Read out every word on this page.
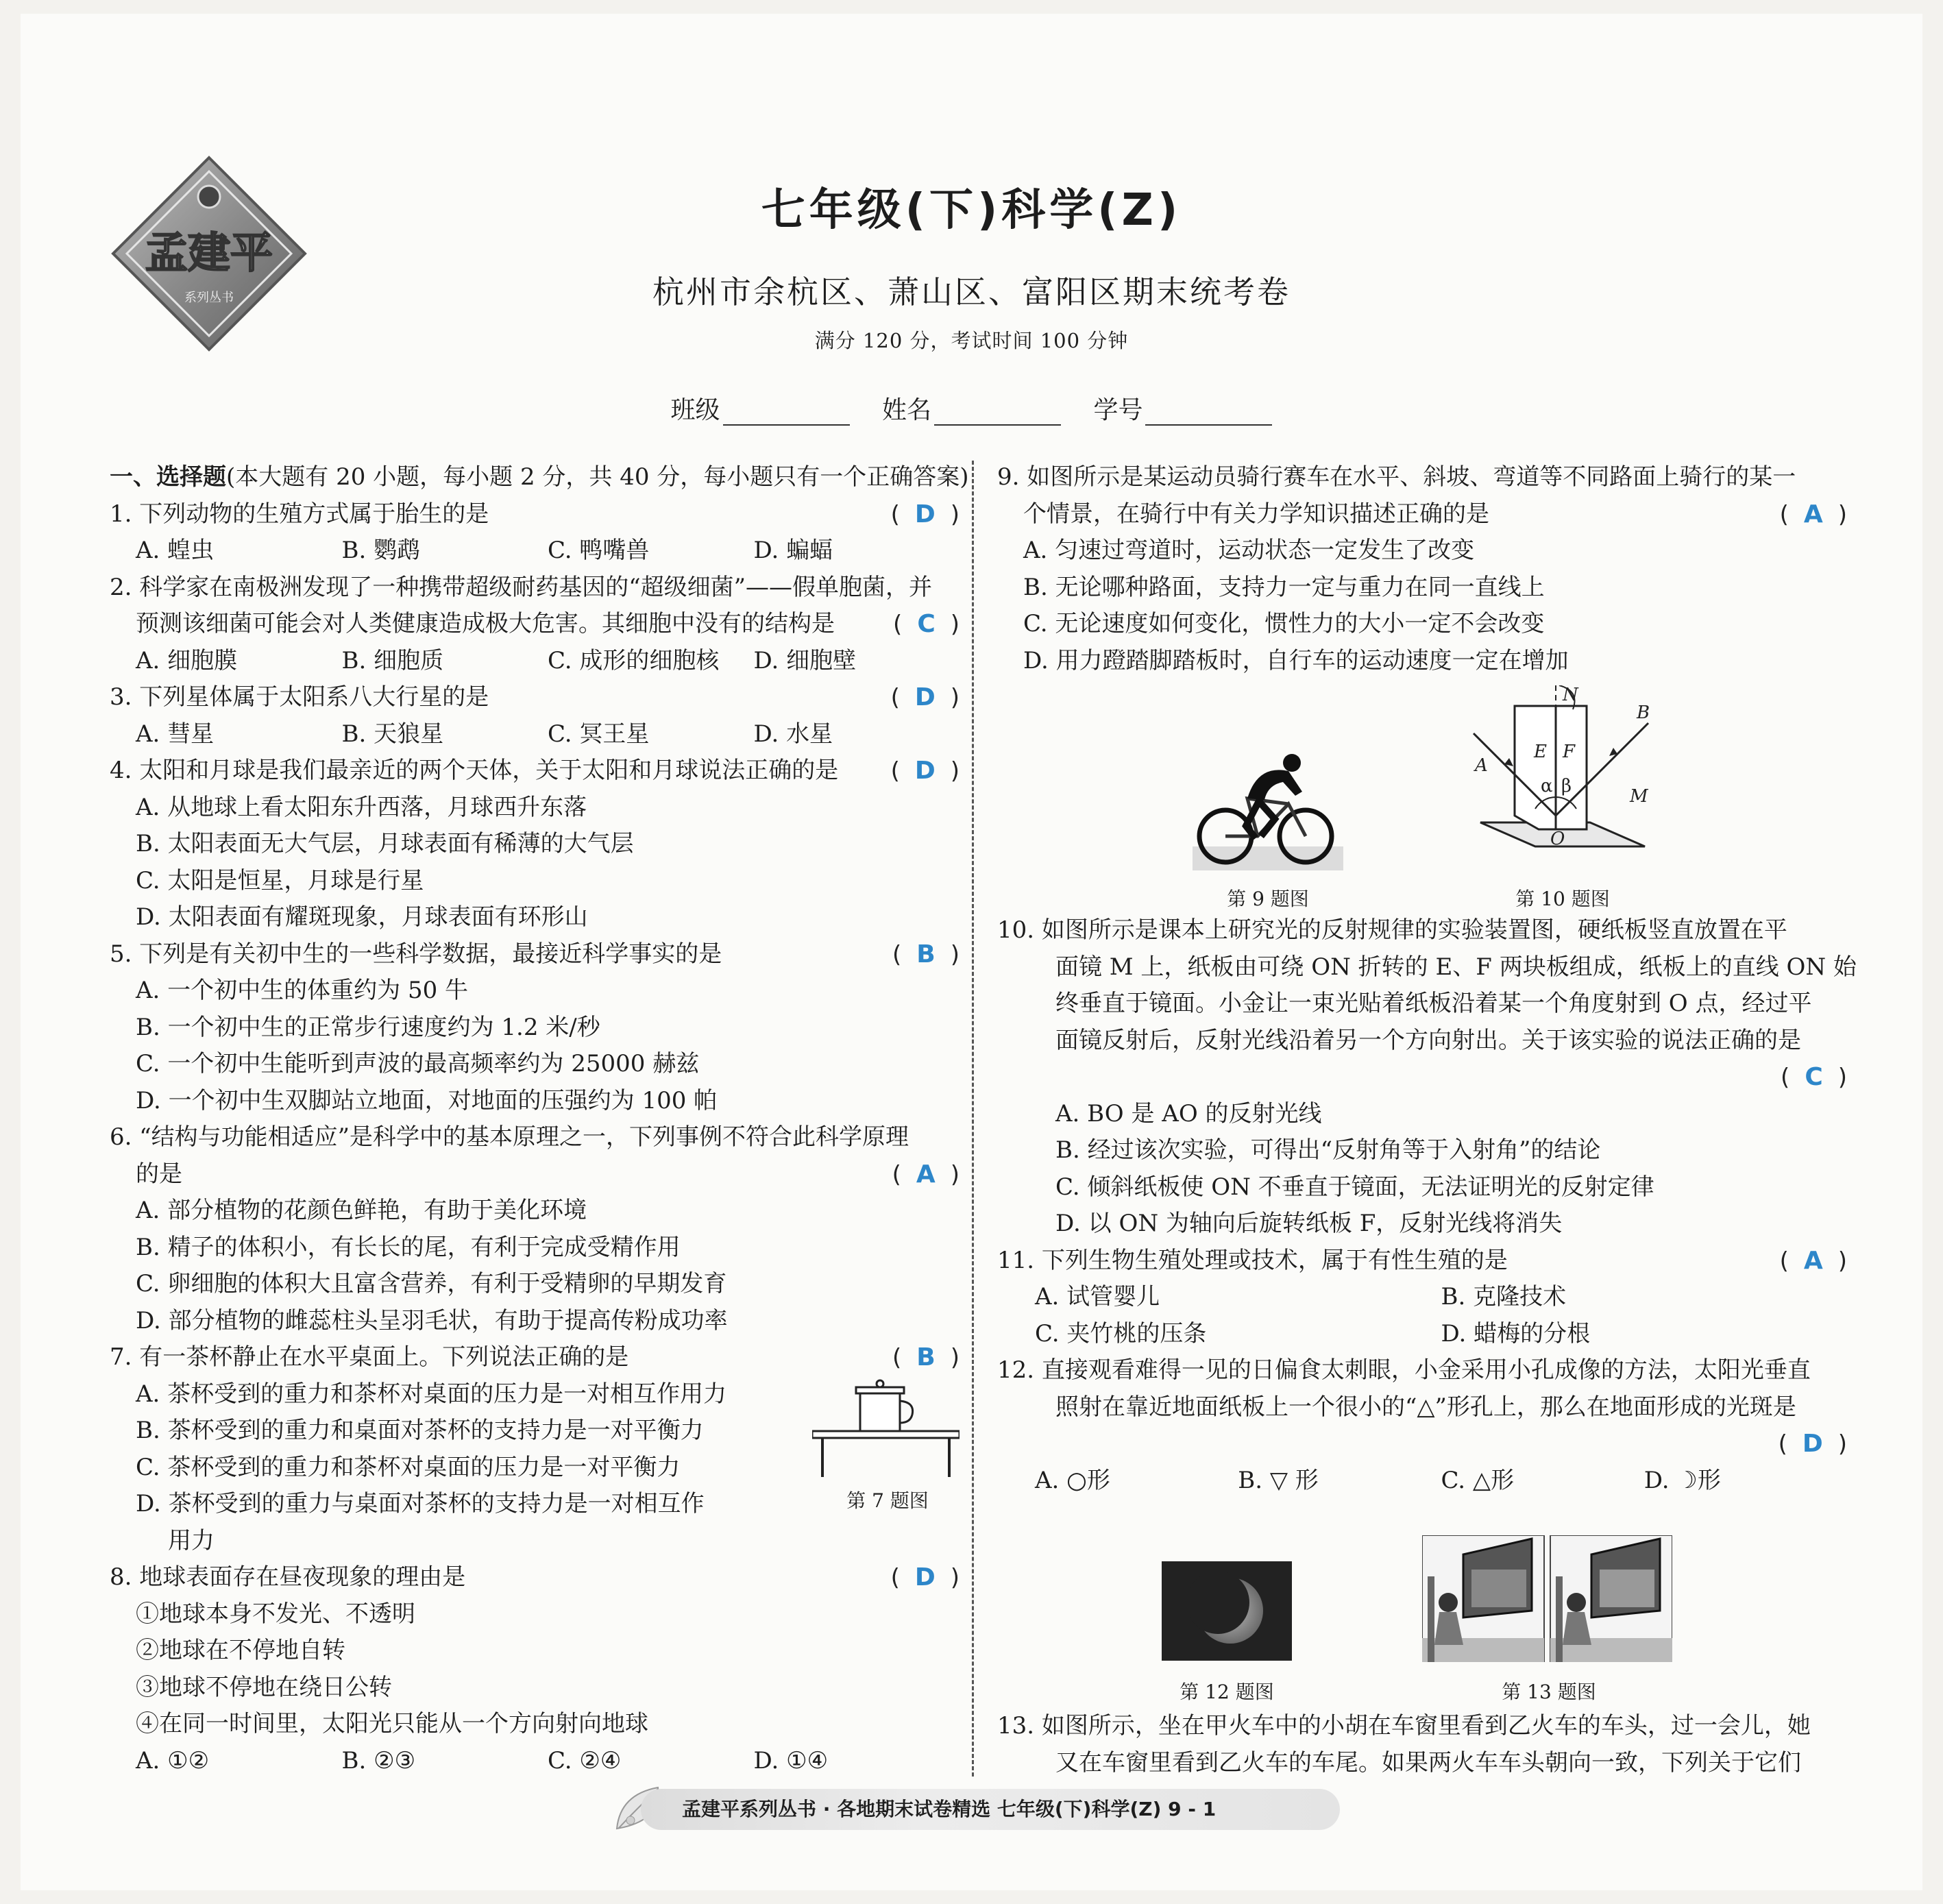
孟建平
系列丛书
七年级(下)科学(Z)
杭州市余杭区、萧山区、富阳区期末统考卷
满分 120 分，考试时间 100 分钟
班级	姓名	学号
一、选择题(本大题有 20 小题，每小题 2 分，共 40 分，每小题只有一个正确答案)
1. 下列动物的生殖方式属于胎生的是	( D )
A. 蝗虫	B. 鹦鹉	C. 鸭嘴兽	D. 蝙蝠
2. 科学家在南极洲发现了一种携带超级耐药基因的“超级细菌”——假单胞菌，并
预测该细菌可能会对人类健康造成极大危害。其细胞中没有的结构是	( C )
A. 细胞膜	B. 细胞质	C. 成形的细胞核	D. 细胞壁
3. 下列星体属于太阳系八大行星的是	( D )
A. 彗星	B. 天狼星	C. 冥王星	D. 水星
4. 太阳和月球是我们最亲近的两个天体，关于太阳和月球说法正确的是 ( D )
A. 从地球上看太阳东升西落，月球西升东落
B. 太阳表面无大气层，月球表面有稀薄的大气层
C. 太阳是恒星，月球是行星
D. 太阳表面有耀斑现象，月球表面有环形山
5. 下列是有关初中生的一些科学数据，最接近科学事实的是	( B )
A. 一个初中生的体重约为 50 牛
B. 一个初中生的正常步行速度约为 1.2 米/秒
C. 一个初中生能听到声波的最高频率约为 25000 赫兹
D. 一个初中生双脚站立地面，对地面的压强约为 100 帕
6. “结构与功能相适应”是科学中的基本原理之一，下列事例不符合此科学原理
的是	( A )
A. 部分植物的花颜色鲜艳，有助于美化环境
B. 精子的体积小，有长长的尾，有利于完成受精作用
C. 卵细胞的体积大且富含营养，有利于受精卵的早期发育
D. 部分植物的雌蕊柱头呈羽毛状，有助于提高传粉成功率
7. 有一茶杯静止在水平桌面上。下列说法正确的是	( B )
A. 茶杯受到的重力和茶杯对桌面的压力是一对相互作用力
B. 茶杯受到的重力和桌面对茶杯的支持力是一对平衡力
C. 茶杯受到的重力和茶杯对桌面的压力是一对平衡力
D. 茶杯受到的重力与桌面对茶杯的支持力是一对相互作
用力
8. 地球表面存在昼夜现象的理由是	( D )
①地球本身不发光、不透明
②地球在不停地自转
③地球不停地在绕日公转
④在同一时间里，太阳光只能从一个方向射向地球
A. ①②	B. ②③	C. ②④	D. ①④
第 7 题图
9. 如图所示是某运动员骑行赛车在水平、斜坡、弯道等不同路面上骑行的某一
个情景，在骑行中有关力学知识描述正确的是	( A )
A. 匀速过弯道时，运动状态一定发生了改变
B. 无论哪种路面，支持力一定与重力在同一直线上
C. 无论速度如何变化，惯性力的大小一定不会改变
D. 用力蹬踏脚踏板时，自行车的运动速度一定在增加
第 9 题图
N
B
A
E F
α β	M
O
第 10 题图
10. 如图所示是课本上研究光的反射规律的实验装置图，硬纸板竖直放置在平
面镜 M 上，纸板由可绕 ON 折转的 E、F 两块板组成，纸板上的直线 ON 始
终垂直于镜面。小金让一束光贴着纸板沿着某一个角度射到 O 点，经过平
面镜反射后，反射光线沿着另一个方向射出。关于该实验的说法正确的是
( C )
A. BO 是 AO 的反射光线
B. 经过该次实验，可得出“反射角等于入射角”的结论
C. 倾斜纸板使 ON 不垂直于镜面，无法证明光的反射定律
D. 以 ON 为轴向后旋转纸板 F，反射光线将消失
11. 下列生物生殖处理或技术，属于有性生殖的是	( A )
A. 试管婴儿	B. 克隆技术
C. 夹竹桃的压条	D. 蜡梅的分根
12. 直接观看难得一见的日偏食太刺眼，小金采用小孔成像的方法，太阳光垂直
照射在靠近地面纸板上一个很小的“△”形孔上，那么在地面形成的光斑是
( D )
A. ○形	B. ▽ 形	C. △形	D. ☽形
第 12 题图	第 13 题图
13. 如图所示，坐在甲火车中的小胡在车窗里看到乙火车的车头，过一会儿，她
又在车窗里看到乙火车的车尾。如果两火车车头朝向一致，下列关于它们
孟建平系列丛书 · 各地期末试卷精选 七年级(下)科学(Z) 9 - 1
